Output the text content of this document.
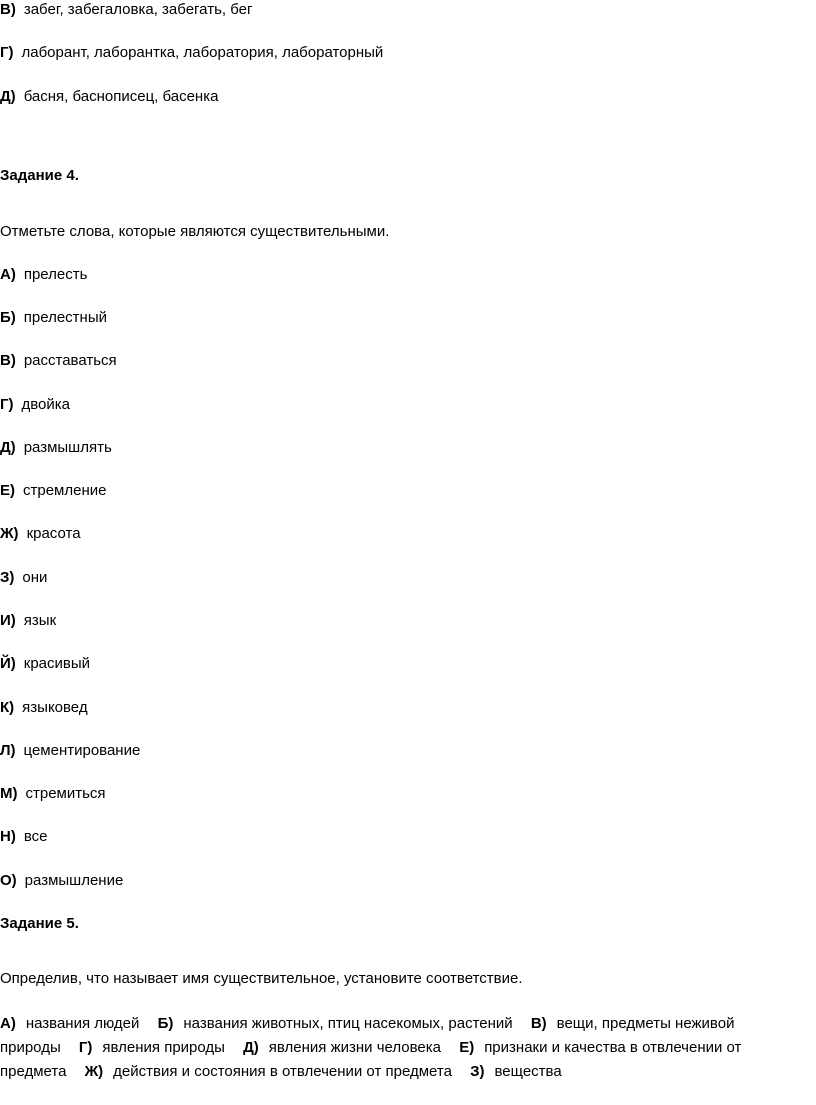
В) забег, забегаловка, забегать, бег
Г) лаборант, лаборантка, лаборатория, лабораторный
Д) басня, баснописец, басенка
Задание 4.
Отметьте слова, которые являются существительными.
А) прелесть
Б) прелестный
В) расставаться
Г) двойка
Д) размышлять
Е) стремление
Ж) красота
З) они
И) язык
Й) красивый
К) языковед
Л) цементирование
М) стремиться
Н) все
О) размышление
Задание 5.
Определив, что называет имя существительное, установите соответствие.
А) названия людей Б) названия животных, птиц насекомых, растений В) вещи, предметы неживой природы Г) явления природы Д) явления жизни человека Е) признаки и качества в отвлечении от предмета Ж) действия и состояния в отвлечении от предмета З) вещества
